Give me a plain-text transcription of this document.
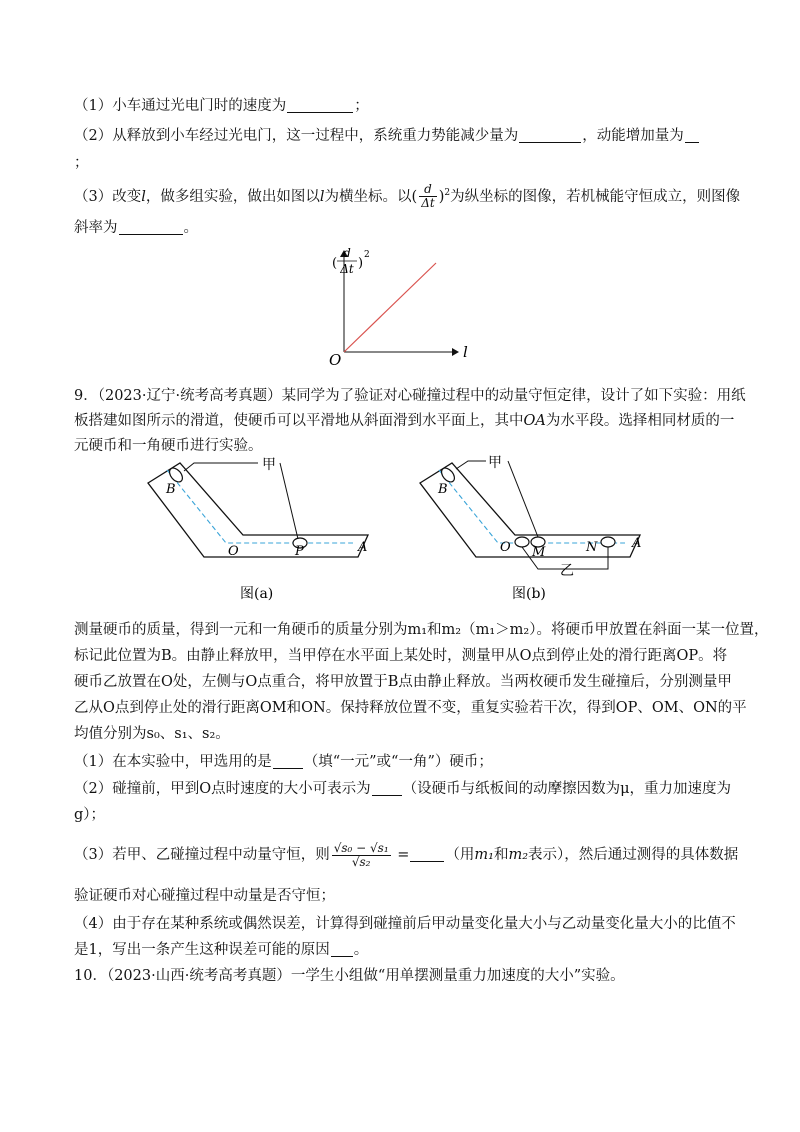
（1）小车通过光电门时的速度为	；
（2）从释放到小车经过光电门，这一过程中，系统重力势能减少量为	，动能增加量为
；
（3）改变l，做多组实验，做出如图以l为横坐标。以( $\frac{d}{\Delta t} )^2$为纵坐标的图像，若机械能守恒成立，则图像
斜率为	。
O	l
d
Δt
( )
2
9．（2023·辽宁·统考高考真题）某同学为了验证对心碰撞过程中的动量守恒定律，设计了如下实验：用纸
板搭建如图所示的滑道，使硬币可以平滑地从斜面滑到水平面上，其中OA为水平段。选择相同材质的一
元硬币和一角硬币进行实验。
甲
B
O	P	A
图(a)
甲
B
O M	N	A
乙
图(b)
测量硬币的质量，得到一元和一角硬币的质量分别为m₁和m₂（m₁＞m₂）。将硬币甲放置在斜面一某一位置，
标记此位置为B。由静止释放甲，当甲停在水平面上某处时，测量甲从O点到停止处的滑行距离OP。将
硬币乙放置在O处，左侧与O点重合，将甲放置于B点由静止释放。当两枚硬币发生碰撞后，分别测量甲
乙从O点到停止处的滑行距离OM和ON。保持释放位置不变，重复实验若干次，得到OP、OM、ON的平
均值分别为s₀、s₁、s₂。
（1）在本实验中，甲选用的是 （填“一元”或“一角”）硬币；
（2）碰撞前，甲到O点时速度的大小可表示为 （设硬币与纸板间的动摩擦因数为μ，重力加速度为
g）；
（3）若甲、乙碰撞过程中动量守恒，则 $\frac{\text{√s₀ − √s₁}}{\text{√s₂}}$ = （用m₁和m₂表示），然后通过测得的具体数据
验证硬币对心碰撞过程中动量是否守恒；
（4）由于存在某种系统或偶然误差，计算得到碰撞前后甲动量变化量大小与乙动量变化量大小的比值不
是1，写出一条产生这种误差可能的原因 。
10．（2023·山西·统考高考真题）一学生小组做“用单摆测量重力加速度的大小”实验。
